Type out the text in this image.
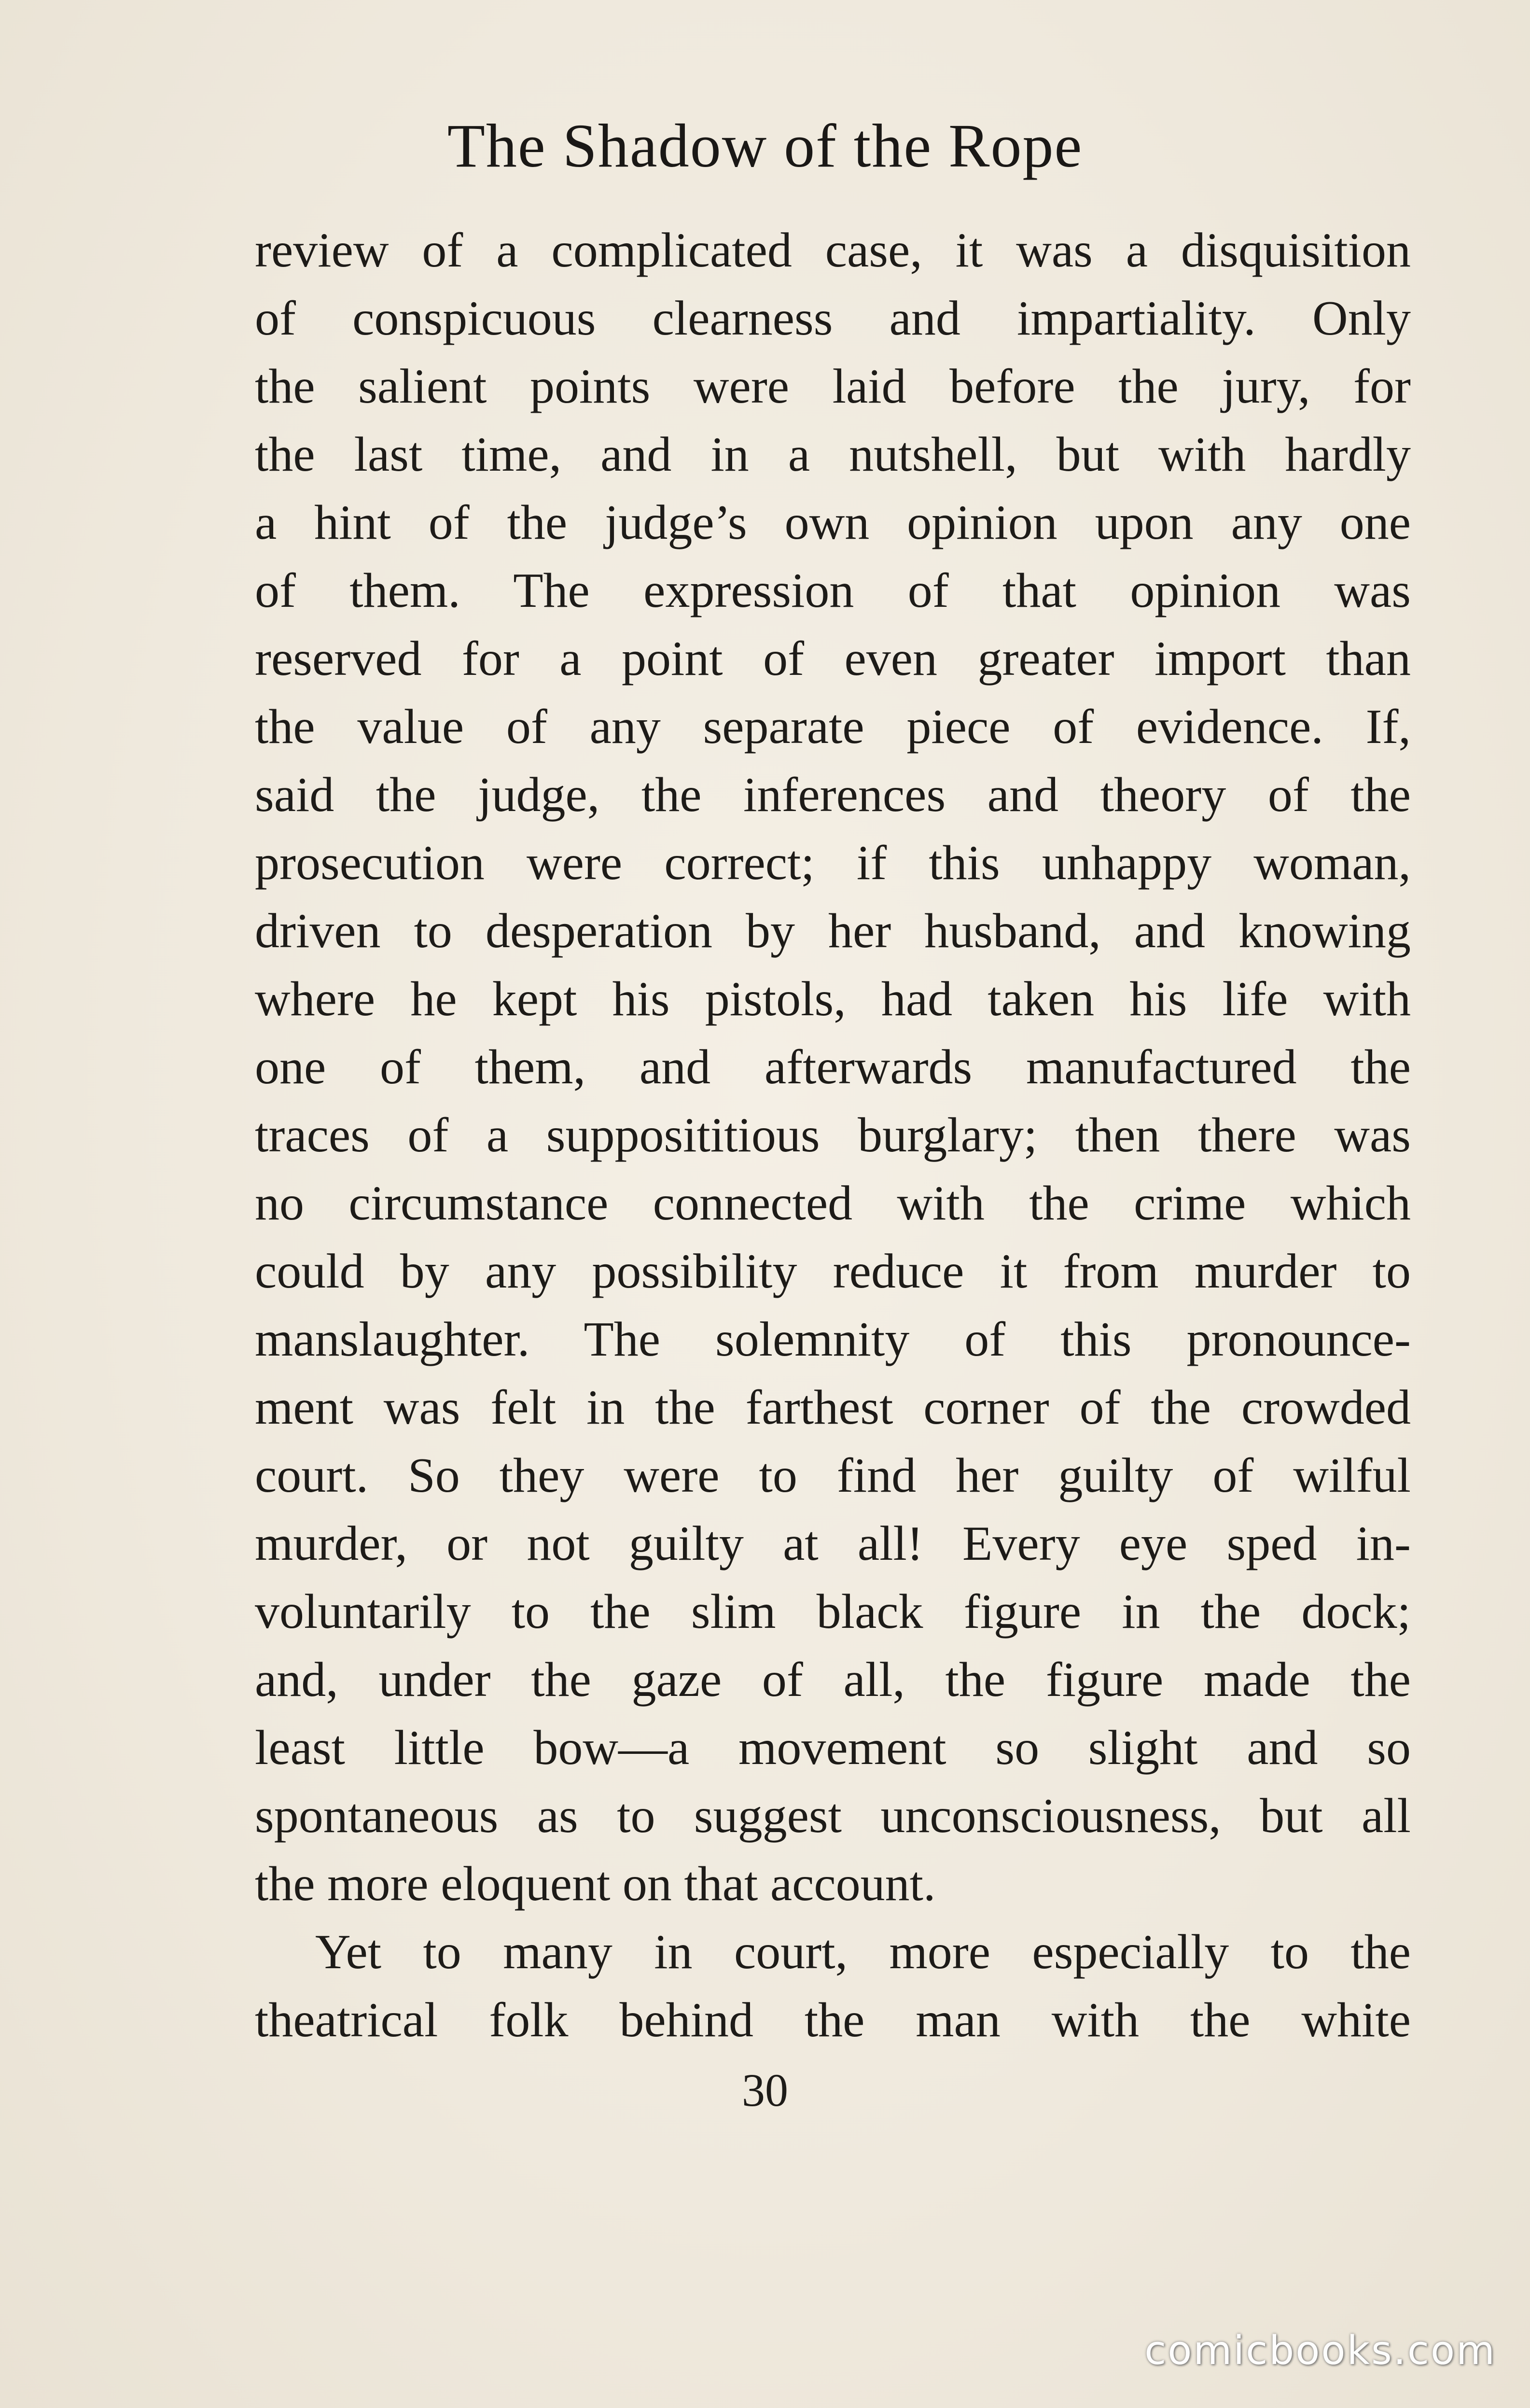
The Shadow of the Rope
review of a complicated case, it was a disquisition
of conspicuous clearness and impartiality. Only
the salient points were laid before the jury, for
the last time, and in a nutshell, but with hardly
a hint of the judge’s own opinion upon any one
of them. The expression of that opinion was
reserved for a point of even greater import than
the value of any separate piece of evidence. If,
said the judge, the inferences and theory of the
prosecution were correct; if this unhappy woman,
driven to desperation by her husband, and knowing
where he kept his pistols, had taken his life with
one of them, and afterwards manufactured the
traces of a supposititious burglary; then there was
no circumstance connected with the crime which
could by any possibility reduce it from murder to
manslaughter. The solemnity of this pronounce-
ment was felt in the farthest corner of the crowded
court. So they were to find her guilty of wilful
murder, or not guilty at all! Every eye sped in-
voluntarily to the slim black figure in the dock;
and, under the gaze of all, the figure made the
least little bow—a movement so slight and so
spontaneous as to suggest unconsciousness, but all
the more eloquent on that account.
Yet to many in court, more especially to the
theatrical folk behind the man with the white
30
comicbooks.com
